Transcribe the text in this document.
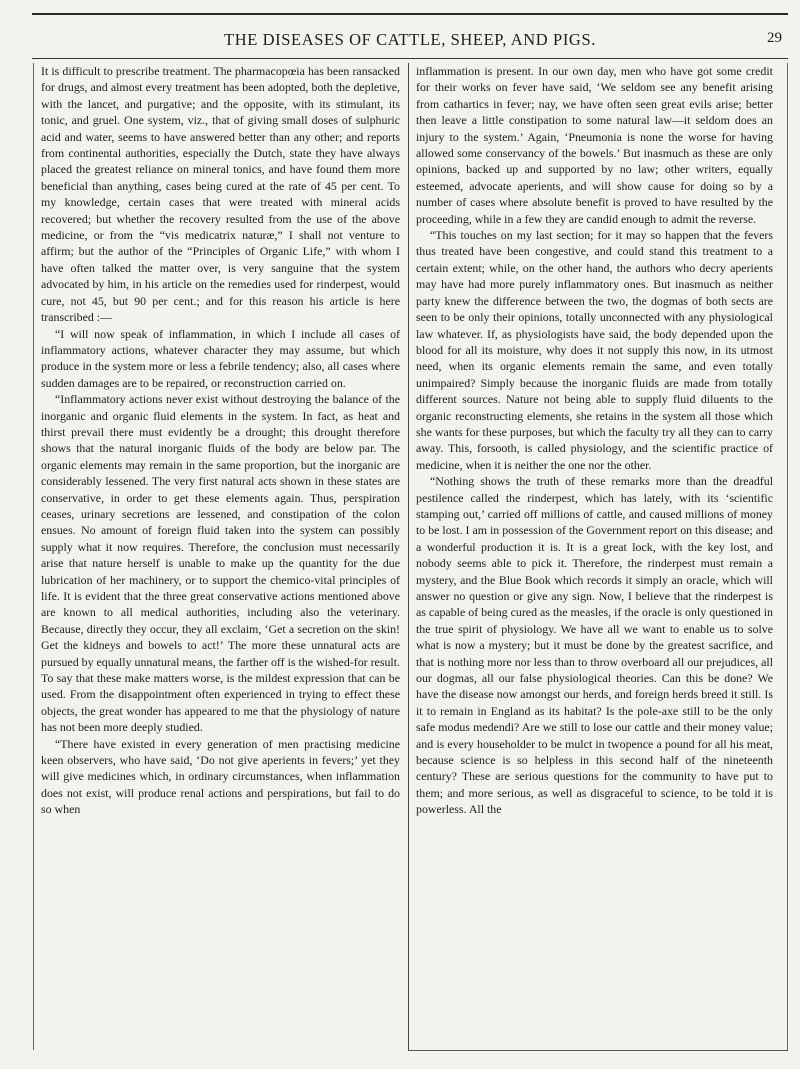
THE DISEASES OF CATTLE, SHEEP, AND PIGS.	29

It is difficult to prescribe treatment. The pharmacopœia has been ransacked for drugs, and almost every treatment has been adopted, both the depletive, with the lancet, and purgative; and the opposite, with its stimulant, its tonic, and gruel. One system, viz., that of giving small doses of sulphuric acid and water, seems to have answered better than any other; and reports from continental authorities, especially the Dutch, state they have always placed the greatest reliance on mineral tonics, and have found them more beneficial than anything, cases being cured at the rate of 45 per cent. To my knowledge, certain cases that were treated with mineral acids recovered; but whether the recovery resulted from the use of the above medicine, or from the “vis medicatrix naturæ,” I shall not venture to affirm; but the author of the “Principles of Organic Life,” with whom I have often talked the matter over, is very sanguine that the system advocated by him, in his article on the remedies used for rinderpest, would cure, not 45, but 90 per cent.; and for this reason his article is here transcribed :—

“I will now speak of inflammation, in which I include all cases of inflammatory actions, whatever character they may assume, but which produce in the system more or less a febrile tendency; also, all cases where sudden damages are to be repaired, or reconstruction carried on.

“Inflammatory actions never exist without destroying the balance of the inorganic and organic fluid elements in the system. In fact, as heat and thirst prevail there must evidently be a drought; this drought therefore shows that the natural inorganic fluids of the body are below par. The organic elements may remain in the same proportion, but the inorganic are considerably lessened. The very first natural acts shown in these states are conservative, in order to get these elements again. Thus, perspiration ceases, urinary secretions are lessened, and constipation of the colon ensues. No amount of foreign fluid taken into the system can possibly supply what it now requires. Therefore, the conclusion must necessarily arise that nature herself is unable to make up the quantity for the due lubrication of her machinery, or to support the chemico-vital principles of life. It is evident that the three great conservative actions mentioned above are known to all medical authorities, including also the veterinary. Because, directly they occur, they all exclaim, ‘Get a secretion on the skin! Get the kidneys and bowels to act!’ The more these unnatural acts are pursued by equally unnatural means, the farther off is the wished-for result. To say that these make matters worse, is the mildest expression that can be used. From the disappointment often experienced in trying to effect these objects, the great wonder has appeared to me that the physiology of nature has not been more deeply studied.

“There have existed in every generation of men practising medicine keen observers, who have said, ‘Do not give aperients in fevers;’ yet they will give medicines which, in ordinary circumstances, when inflammation does not exist, will produce renal actions and perspirations, but fail to do so when

inflammation is present. In our own day, men who have got some credit for their works on fever have said, ‘We seldom see any benefit arising from cathartics in fever; nay, we have often seen great evils arise; better then leave a little constipation to some natural law—it seldom does an injury to the system.’ Again, ‘Pneumonia is none the worse for having allowed some conservancy of the bowels.’ But inasmuch as these are only opinions, backed up and supported by no law; other writers, equally esteemed, advocate aperients, and will show cause for doing so by a number of cases where absolute benefit is proved to have resulted by the proceeding, while in a few they are candid enough to admit the reverse.

“This touches on my last section; for it may so happen that the fevers thus treated have been congestive, and could stand this treatment to a certain extent; while, on the other hand, the authors who decry aperients may have had more purely inflammatory ones. But inasmuch as neither party knew the difference between the two, the dogmas of both sects are seen to be only their opinions, totally unconnected with any physiological law whatever. If, as physiologists have said, the body depended upon the blood for all its moisture, why does it not supply this now, in its utmost need, when its organic elements remain the same, and even totally unimpaired? Simply because the inorganic fluids are made from totally different sources. Nature not being able to supply fluid diluents to the organic reconstructing elements, she retains in the system all those which she wants for these purposes, but which the faculty try all they can to carry away. This, forsooth, is called physiology, and the scientific practice of medicine, when it is neither the one nor the other.

“Nothing shows the truth of these remarks more than the dreadful pestilence called the rinderpest, which has lately, with its ‘scientific stamping out,’ carried off millions of cattle, and caused millions of money to be lost. I am in possession of the Government report on this disease; and a wonderful production it is. It is a great lock, with the key lost, and nobody seems able to pick it. Therefore, the rinderpest must remain a mystery, and the Blue Book which records it simply an oracle, which will answer no question or give any sign. Now, I believe that the rinderpest is as capable of being cured as the measles, if the oracle is only questioned in the true spirit of physiology. We have all we want to enable us to solve what is now a mystery; but it must be done by the greatest sacrifice, and that is nothing more nor less than to throw overboard all our prejudices, all our dogmas, all our false physiological theories. Can this be done? We have the disease now amongst our herds, and foreign herds breed it still. Is it to remain in England as its habitat? Is the pole-axe still to be the only safe modus medendi? Are we still to lose our cattle and their money value; and is every householder to be mulct in twopence a pound for all his meat, because science is so helpless in this second half of the nineteenth century? These are serious questions for the community to have put to them; and more serious, as well as disgraceful to science, to be told it is powerless. All the
